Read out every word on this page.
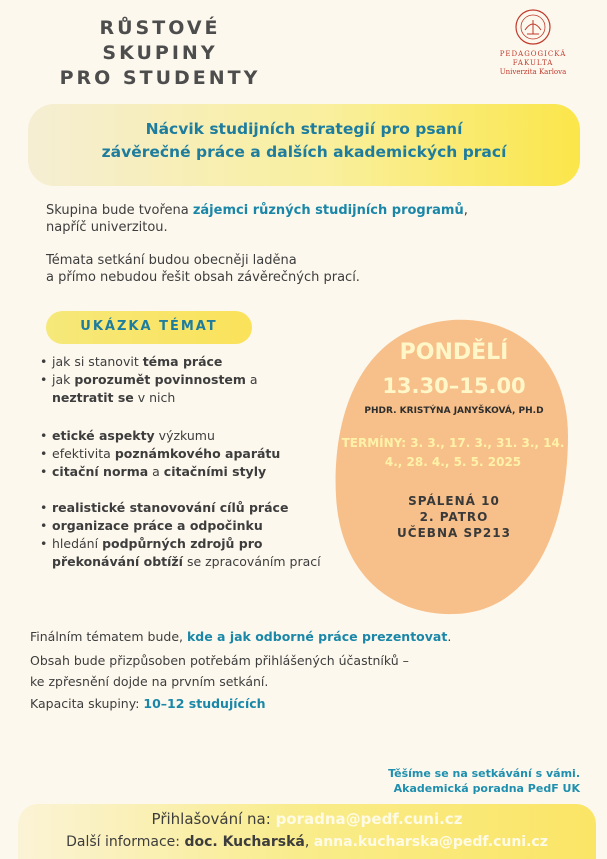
RŮSTOVÉ SKUPINY
PRO STUDENTY
PEDAGOGICKÁ
FAKULTA
Univerzita Karlova
Nácvik studijních strategií pro psaní
závěrečné práce a dalších akademických prací
Skupina bude tvořena zájemci různých studijních programů,
napříč univerzitou.
Témata setkání budou obecněji laděna
a přímo nebudou řešit obsah závěrečných prací.
UKÁZKA TÉMAT
• jak si stanovit téma práce
• jak porozumět povinnostem a
neztratit se v nich
• etické aspekty výzkumu
• efektivita poznámkového aparátu
• citační norma a citačními styly
• realistické stanovování cílů práce
• organizace práce a odpočinku
• hledání podpůrných zdrojů pro
překonávání obtíží se zpracováním prací
PONDĚLÍ
13.30–15.00
PHDR. KRISTÝNA JANYŠKOVÁ, PH.D
TERMÍNY: 3. 3., 17. 3., 31. 3., 14.
4., 28. 4., 5. 5. 2025
SPÁLENÁ 10
2. PATRO
UČEBNA SP213
Finálním tématem bude, kde a jak odborné práce prezentovat.
Obsah bude přizpůsoben potřebám přihlášených účastníků –
ke zpřesnění dojde na prvním setkání.
Kapacita skupiny: 10–12 studujících
Těšíme se na setkávání s vámi.
Akademická poradna PedF UK
Přihlašování na: poradna@pedf.cuni.cz
Další informace: doc. Kucharská, anna.kucharska@pedf.cuni.cz
